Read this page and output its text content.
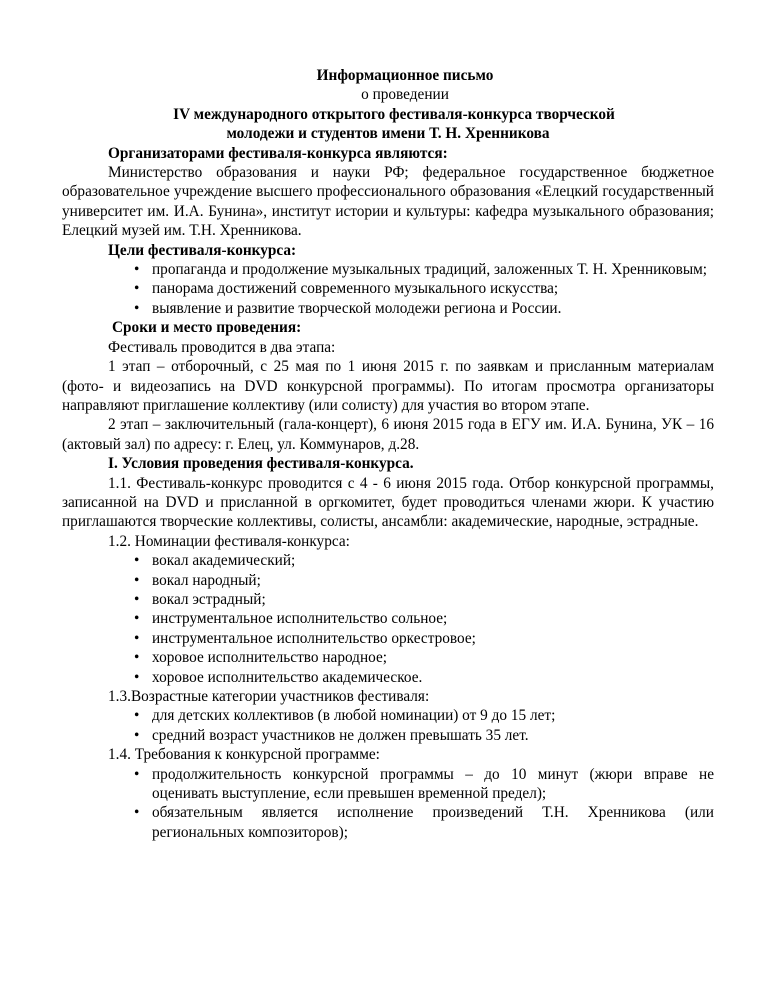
Информационное письмо

о проведении

IV международного открытого фестиваля-конкурса творческой

молодежи и студентов имени Т. Н. Хренникова

Организаторами фестиваля-конкурса являются:

Министерство образования и науки РФ; федеральное государственное бюджетное образовательное учреждение высшего профессионального образования «Елецкий государственный университет им. И.А. Бунина», институт истории и культуры: кафедра музыкального образования; Елецкий музей им. Т.Н. Хренникова.

Цели фестиваля-конкурса:

• пропаганда и продолжение музыкальных традиций, заложенных Т. Н. Хренниковым;
• панорама достижений современного музыкального искусства;
• выявление и развитие творческой молодежи региона и России.

Сроки и место проведения:

Фестиваль проводится в два этапа:

1 этап – отборочный, с 25 мая по 1 июня 2015 г. по заявкам и присланным материалам (фото- и видеозапись на DVD конкурсной программы). По итогам просмотра организаторы направляют приглашение коллективу (или солисту) для участия во втором этапе.

2 этап – заключительный (гала-концерт), 6 июня 2015 года в ЕГУ им. И.А. Бунина, УК – 16 (актовый зал) по адресу: г. Елец, ул. Коммунаров, д.28.

I. Условия проведения фестиваля-конкурса.

1.1. Фестиваль-конкурс проводится с 4 - 6 июня 2015 года. Отбор конкурсной программы, записанной на DVD и присланной в оргкомитет, будет проводиться членами жюри. К участию приглашаются творческие коллективы, солисты, ансамбли: академические, народные, эстрадные.

1.2. Номинации фестиваля-конкурса:

• вокал академический;
• вокал народный;
• вокал эстрадный;
• инструментальное исполнительство сольное;
• инструментальное исполнительство оркестровое;
• хоровое исполнительство народное;
• хоровое исполнительство академическое.

1.3.Возрастные категории участников фестиваля:

• для детских коллективов (в любой номинации) от 9 до 15 лет;
• средний возраст участников не должен превышать 35 лет.

1.4. Требования к конкурсной программе:

• продолжительность конкурсной программы – до 10 минут (жюри вправе не оценивать выступление, если превышен временной предел);
• обязательным является исполнение произведений Т.Н. Хренникова (или региональных композиторов);
